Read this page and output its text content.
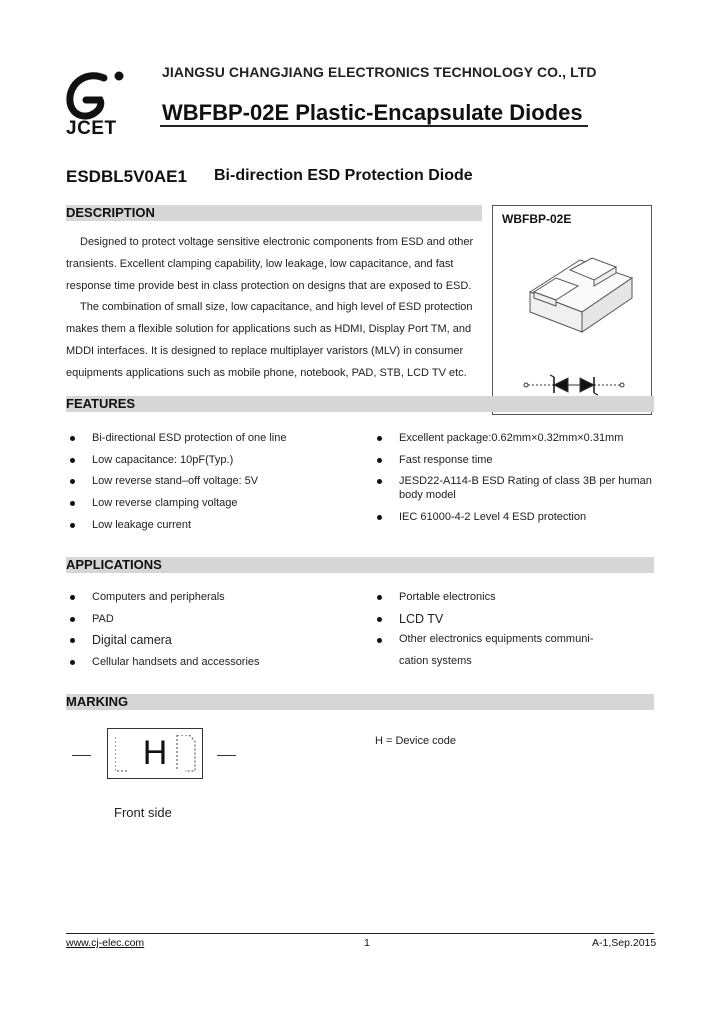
JCET
JIANGSU CHANGJIANG ELECTRONICS TECHNOLOGY CO., LTD
WBFBP-02E Plastic-Encapsulate Diodes
ESDBL5V0AE1 Bi-direction ESD Protection Diode
DESCRIPTION

Designed to protect voltage sensitive electronic components from ESD and other

transients. Excellent clamping capability, low leakage, low capacitance, and fast

response time provide best in class protection on designs that are exposed to ESD.

The combination of small size, low capacitance, and high level of ESD protection

makes them a flexible solution for applications such as HDMI, Display Port TM, and

MDDI interfaces. It is designed to replace multiplayer varistors (MLV) in consumer

equipments applications such as mobile phone, notebook, PAD, STB, LCD TV etc.

WBFBP-02E
FEATURES
Bi-directional ESD protection of one line
Low capacitance: 10pF(Typ.)
Low reverse stand–off voltage: 5V
Low reverse clamping voltage
Low leakage current
Excellent package:0.62mm×0.32mm×0.31mm
Fast response time
JESD22-A114-B ESD Rating of class 3B per human body model
IEC 61000-4-2 Level 4 ESD protection
APPLICATIONS
Computers and peripherals
PAD
Digital camera
Cellular handsets and accessories
Portable electronics
LCD TV
Other electronics equipments communi- cation systems
MARKING
H
Front side
H = Device code
www.cj-elec.com	1	A-1,Sep.2015
